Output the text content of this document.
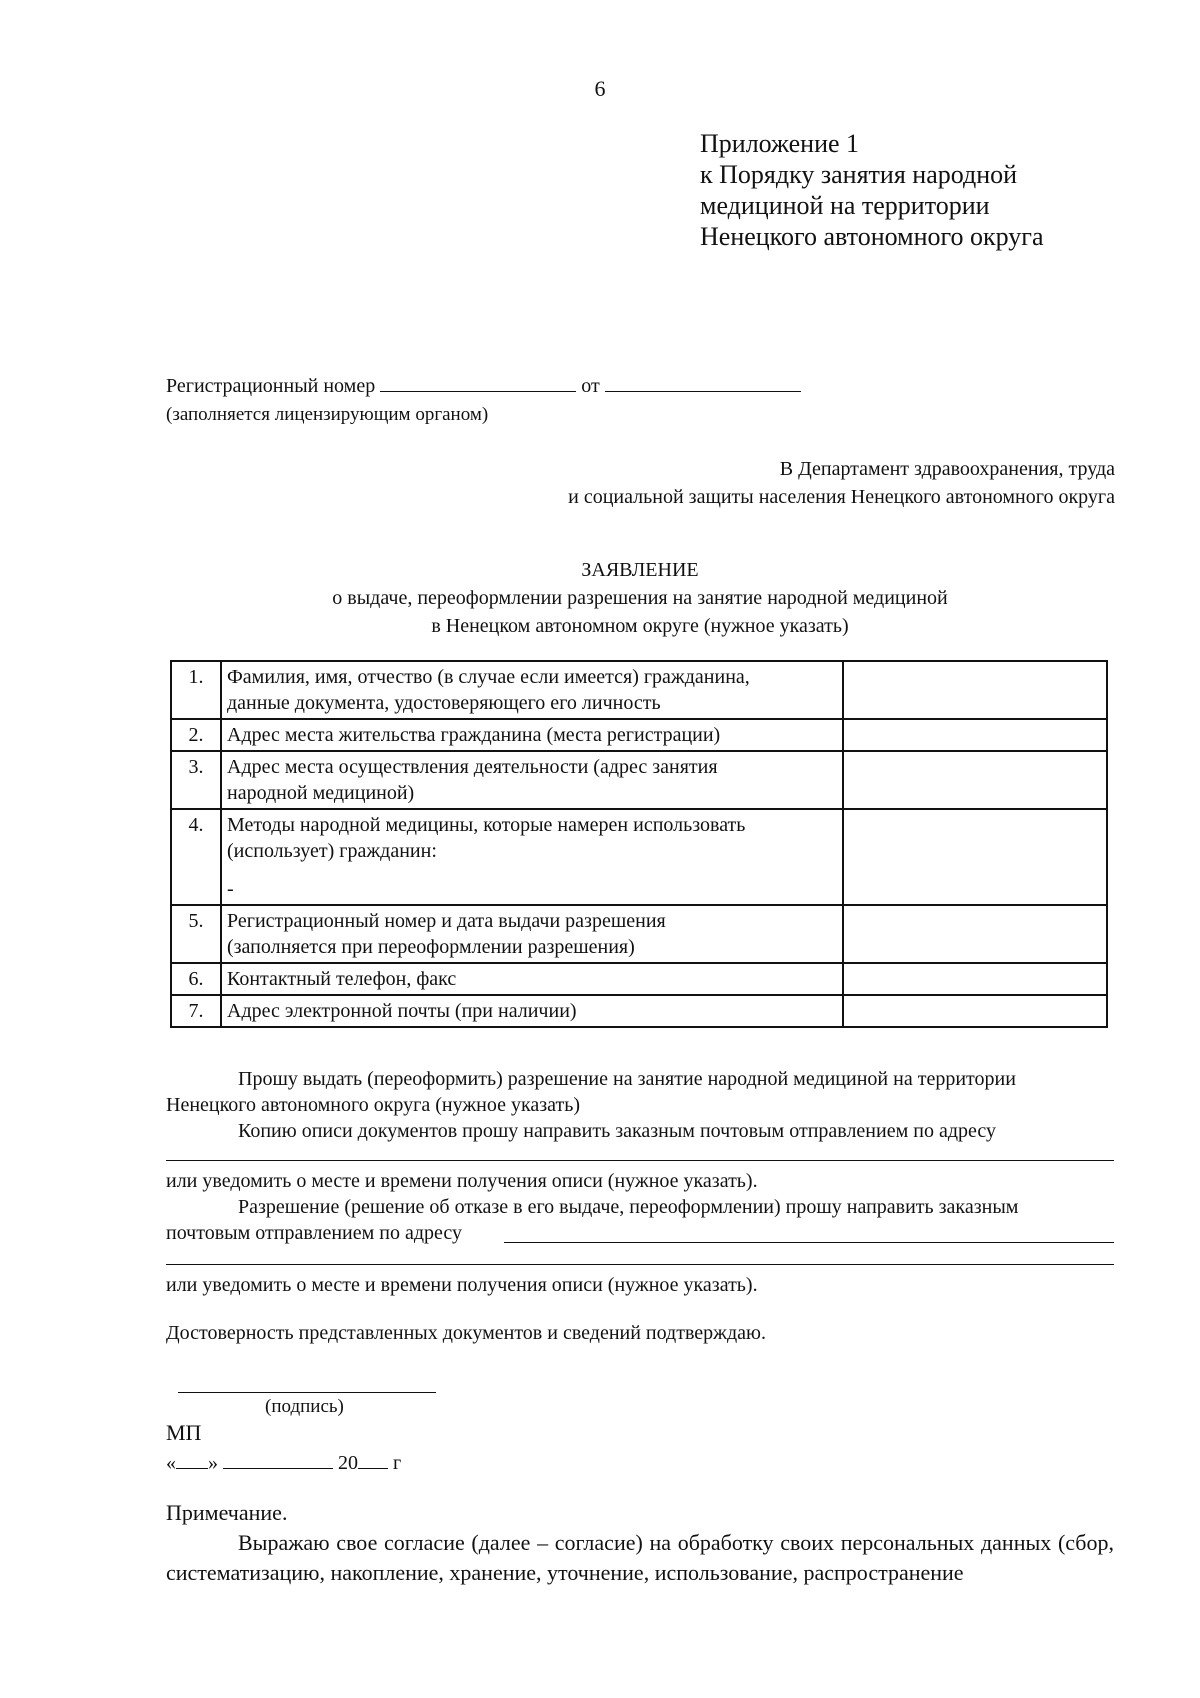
6
Приложение 1
к Порядку занятия народной
медициной на территории
Ненецкого автономного округа
Регистрационный номер	от
(заполняется лицензирующим органом)
В Департамент здравоохранения, труда
и социальной защиты населения Ненецкого автономного округа
ЗАЯВЛЕНИЕ
о выдаче, переоформлении разрешения на занятие народной медициной
в Ненецком автономном округе (нужное указать)
1.	Фамилия, имя, отчество (в случае если имеется) гражданина,
данные документа, удостоверяющего его личность	

2.	Адрес места жительства гражданина (места регистрации)	
3.	Адрес места осуществления деятельности (адрес занятия
народной медициной)	

4.	Методы народной медицины, которые намерен использовать
(использует) гражданин:
-	

5.	Регистрационный номер и дата выдачи разрешения
(заполняется при переоформлении разрешения)	

6.	Контактный телефон, факс	
7.	Адрес электронной почты (при наличии)	
Прошу выдать (переоформить) разрешение на занятие народной медициной на территории
Ненецкого автономного округа (нужное указать)
Копию описи документов прошу направить заказным почтовым отправлением по адресу
или уведомить о месте и времени получения описи (нужное указать).
Разрешение (решение об отказе в его выдаче, переоформлении) прошу направить заказным
почтовым отправлением по адресу
или уведомить о месте и времени получения описи (нужное указать).
Достоверность представленных документов и сведений подтверждаю.
(подпись)
МП
« »	20 г
Примечание.
Выражаю свое согласие (далее – согласие) на обработку своих персональных данных (сбор, систематизацию, накопление, хранение, уточнение, использование, распространение
